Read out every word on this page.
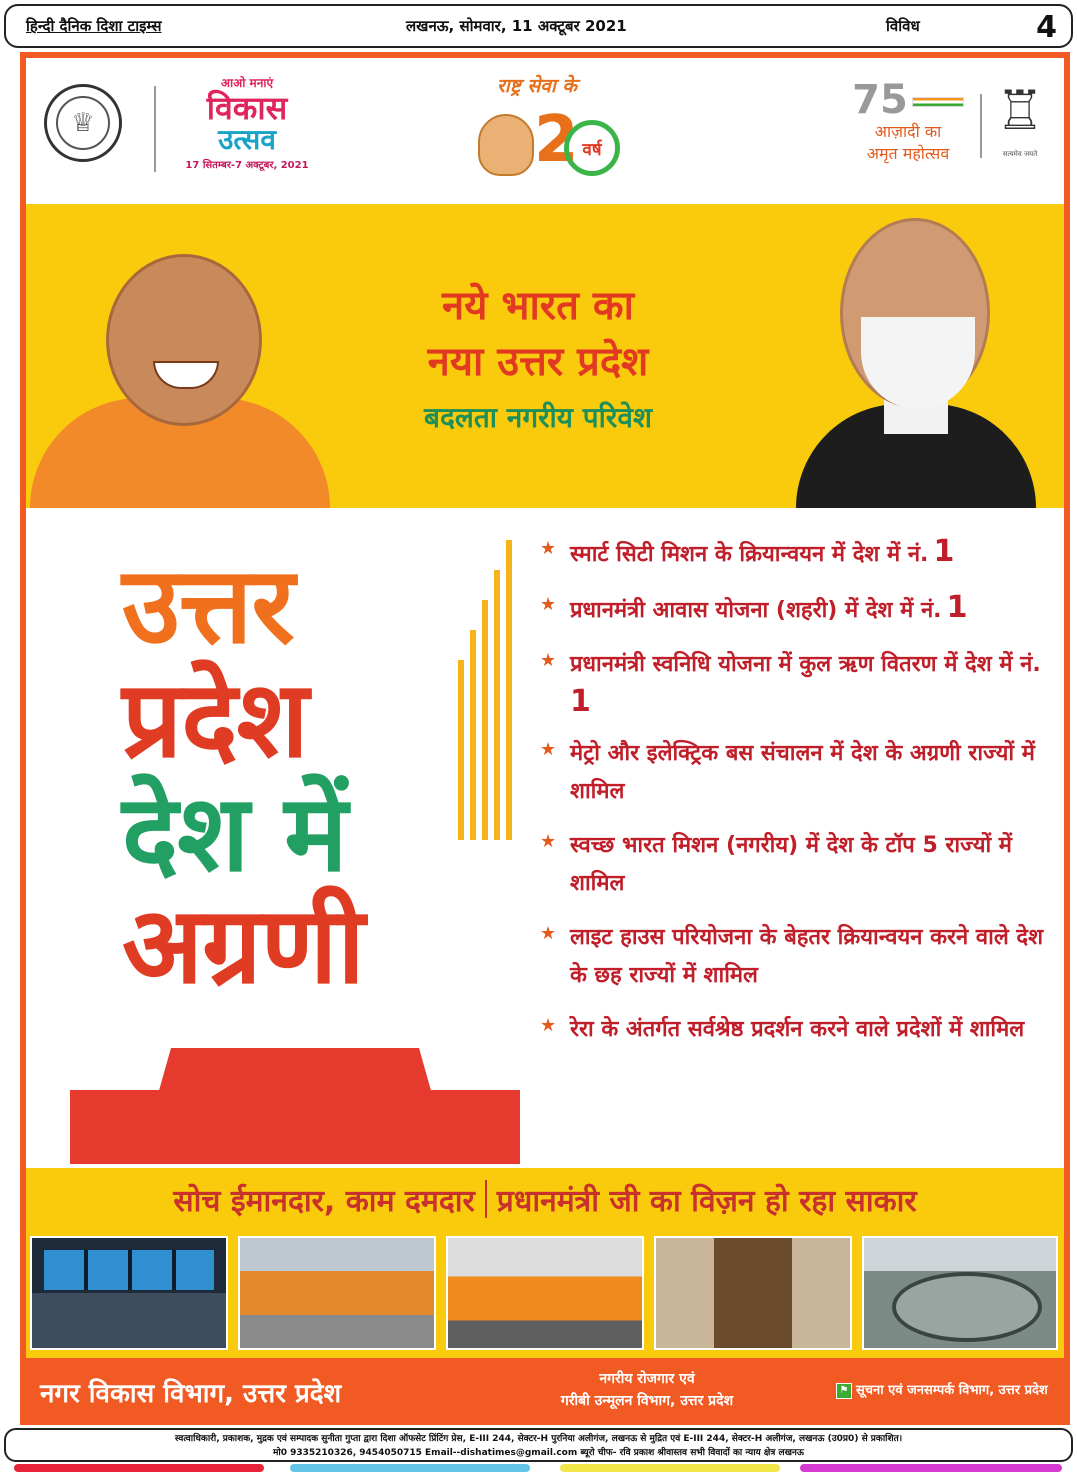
हिन्दी दैनिक दिशा टाइम्स	लखनऊ, सोमवार, 11 अक्टूबर 2021	विविध	4
♕
आओ मनाएं
विकास
उत्सव
17 सितम्बर-7 अक्टूबर, 2021
राष्ट्र सेवा के
2 वर्ष
75
आज़ादी का
अमृत महोत्सव
♖
सत्यमेव जयते
नये भारत का
नया उत्तर प्रदेश
बदलता नगरीय परिवेश
उत्तर
प्रदेश
देश में
अग्रणी
★ स्मार्ट सिटी मिशन के क्रियान्वयन में देश में नं. 1
★ प्रधानमंत्री आवास योजना (शहरी) में देश में नं. 1
★ प्रधानमंत्री स्वनिधि योजना में कुल ऋण वितरण में देश में नं. 1
★ मेट्रो और इलेक्ट्रिक बस संचालन में देश के अग्रणी राज्यों में शामिल
★ स्वच्छ भारत मिशन (नगरीय) में देश के टॉप 5 राज्यों में शामिल
★ लाइट हाउस परियोजना के बेहतर क्रियान्वयन करने वाले देश के छह राज्यों में शामिल
★ रेरा के अंतर्गत सर्वश्रेष्ठ प्रदर्शन करने वाले प्रदेशों में शामिल
सोच ईमानदार, काम दमदार प्रधानमंत्री जी का विज़न हो रहा साकार
नगर विकास विभाग, उत्तर प्रदेश	नगरीय रोजगार एवं
गरीबी उन्मूलन विभाग, उत्तर प्रदेश
⚑ सूचना एवं जनसम्पर्क विभाग, उत्तर प्रदेश
स्वत्वाधिकारी, प्रकाशक, मुद्रक एवं सम्पादक सुनीता गुप्ता द्वारा दिशा ऑफसेट प्रिंटिंग प्रेस, E-III 244, सेक्टर-H पुरनिया अलीगंज, लखनऊ से मुद्रित एवं E-III 244, सेक्टर-H अलीगंज, लखनऊ (उ0प्र0) से प्रकाशित।
मो0 9335210326, 9454050715 Email--dishatimes@gmail.com ब्यूरो चीफ- रवि प्रकाश श्रीवास्तव सभी विवादों का न्याय क्षेत्र लखनऊ
